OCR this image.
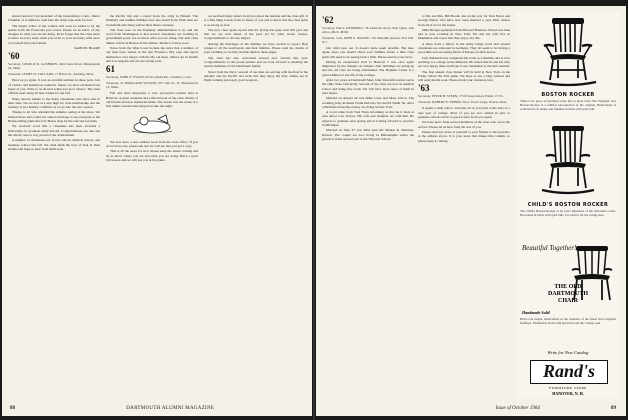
elected interval vice president of the Glastonbury, Conn., Junior Chamber of Commerce. And here the ticker tape ends for now.

The bright orders of the women will soon be added to by the sparks from the Franconia post boxes. Please let us know of any changes in what you are all doing. Don't forget that the class news is better in every issue when you write to your secretary with news of yourself and your friends.

SAMUEL BLAKE

'60

Secretary, GEORGE R. GOSHORN, 2424 Lake Road, Minneapolis 24, Minn.

Treasurer, JAMES W. COLLARD, 71 Haven St., Reading, Mass.

Here we go again. It was an eventful summer in these parts, lots of visitors and hometown reunions. Surely we have all heard from many of you. Write to us about it when you get a chance. The class officers send along all best wishes for the fall.

Many sincere thanks to the many classmates who have sent in their dues. We are now at a new high for class membership and the treasury is in a healthy condition as we go into the new season.

Thanks to all who attended the summer outing at the shore. We missed those who could not attend and hope to see everyone at the Homecoming game this fall. Please drop by the tent and say hello.

We received word that a classmate has been awarded a fellowship for graduate study abroad. Congratulations are due and the whole class is very proud of the achievement.

A number of classmates are in law school, medical school, and business school this fall. We wish them the best of luck in their studies and hope to hear from them soon.

the Pacific trip and a report from the army in Hawaii. The Pillsbury and Jenkins families were also heard from. Both men are in uniform and doing well in their duties overseas.

The class note on the Kennedy administration is in, and the word from Washington is that several classmates are working in government posts. Let us know what you are doing. Our next class dinner will be in Boston in November, details to follow soon.

Notes from the West Coast include the news that a number of our men have settled in the San Francisco Bay area and report themselves very happy with the life out there. Others are in Seattle and Los Angeles and are also doing well.

61

Secretary, JOHN N. EVANS, 84 Woodland Rd., Cheshire, Conn.

Treasurer, D. KIRKLAND WILSON, 627 Oak St., St. Minneapolis 14, Minn.

Fall and most important, a very successful reunion held at Hanover. A great weekend and a fine turnout of the class. Plenty of old friends and new memories made. The Green was the scene of a fine dinner and the band played on into the night.

We now have a new address book from the class office. If you do not have one, please ask and we will see that you get a copy.

That is all the news for now. Please keep the letters coming and let us know where you are and what you are doing. Have a good fall season and we will see you at the game.

we received many letters from you about the reunion and the class gift. It is a fine thing to hear from so many of you and to know that the class spirit is as strong as ever.

The new class agent reports that the giving has gone well this year and that we are well ahead of the pace set by other recent classes. Congratulations to all who helped.

Among the marriages of the summer we have several to report. Best wishes to all the newlyweds and their families. Please send the details of your wedding so we may include them in these pages.

The class has also welcomed several new arrivals this year. Congratulations to the proud parents and we look forward to meeting the newest members of the Dartmouth family.

News from the Navy: several of our men are serving with the fleet in the Atlantic and the Pacific and write that they enjoy the duty. Others are in flight training and report good progress.

88	DARTMOUTH ALUMNI MAGAZINE
'62

Secretary, PAUL WEINBERG, 58 Anderson Road, East Quad, Ann Arbor, Mich. 48104

Treasurer, CAL JOHN E. KRUIZE, 130 Meredith Avenue, Fort Dix, N.J.

Our third year out. It doesn't quite seem possible. But here again, news you should check your families about; a little class spirit will need to be seeing back a little. Please send us your news.

During an exceptional visit to Hanover I was once again impressed by the changes on campus. New buildings are going up and the old ones are being refurbished. The Hopkins Center is a great addition to the life of the College.

After two years at Dartmouth Med, John Schwamb started out in the Ohio State University. Several of the class are now in medical school and doing fine work. We will have more news of them in later issues.

Married on August 29 was Mike Carel and Mary Ulrich. The wedding party included Frank DeCarlo '62 and Ed Smith '62. After a Bermuda honeymoon they are living in New York.

A word came from Tom Faley informing us that he is back at Ann Arbor Law School. His wife and daughter are with him. He expects to graduate next spring and is looking forward to practice in Michigan.

Married on June 27 was Miss Ann Mc Mahon in Shawnee, Kansas. The couple are now living in Philadelphia where the groom is in his second year at the Wharton School.

to Mr. and Mrs. Bill Booth, and on the way for Tom Ferrer and George Bellos who have now been married a year. Best wishes from all of us for the future.

Mike Hodges graduated from Harvard Business School last June and is now working in New York. He and his wife live in Manhattan and report that they enjoy city life.

A letter from a fellow in the Army brings word that several classmates are stationed in Germany. They all seem to be having a good time and are seeing much of Europe on their leaves.

Jack Weinstein has completed his work at Columbia and is now teaching at a college in the Midwest. He writes that he and his wife are very happy there and hope to see classmates at the next reunion.

The first annual class dinner will be held in New York on the Friday before the Yale game. We hope to see a large turnout and will send details soon. Please mark your calendars now.

'63

Secretary, PETER H. STERN, 1750 Chapel Road, Elkins 17, Pa.

Treasurer, ROBERT E. WEBER, Navy Travel Large, Natick, Mass.

It seems a little odd to welcome all of you back at the start of a new year of college. Most of you are now settled in jobs or graduate schools and it is good to hear from you again.

We have news from several members of the class who are in the service. Please let us hear from the rest of you.

Please send any news of yourself or your friends to the secretary at the address above. It is your news that makes this column, so please keep it coming.

BOSTON ROCKER
There is no piece of furniture today that is more truly New England. Our Boston Rocker is a faithful reproduction of the original. Hand-made of solid hard rock maple and finished in black with gold trim.
CHILD'S BOSTON ROCKER
The Child's Boston Rocker is an exact miniature of the full-sized rocker. Decorated in black with gold trim, it is perfect for the young ones.
Beautiful Together!
THE OLD
DARTMOUTH
CHAIR
Handmade Solid
Hard rock maple, handcrafted in the tradition of the finest New England furniture. Finished in black with gold trim and the College seal.
Write for New Catalog
Rand's
FURNITURE STORE
HANOVER, N. H.
Issue of October 1964	89
